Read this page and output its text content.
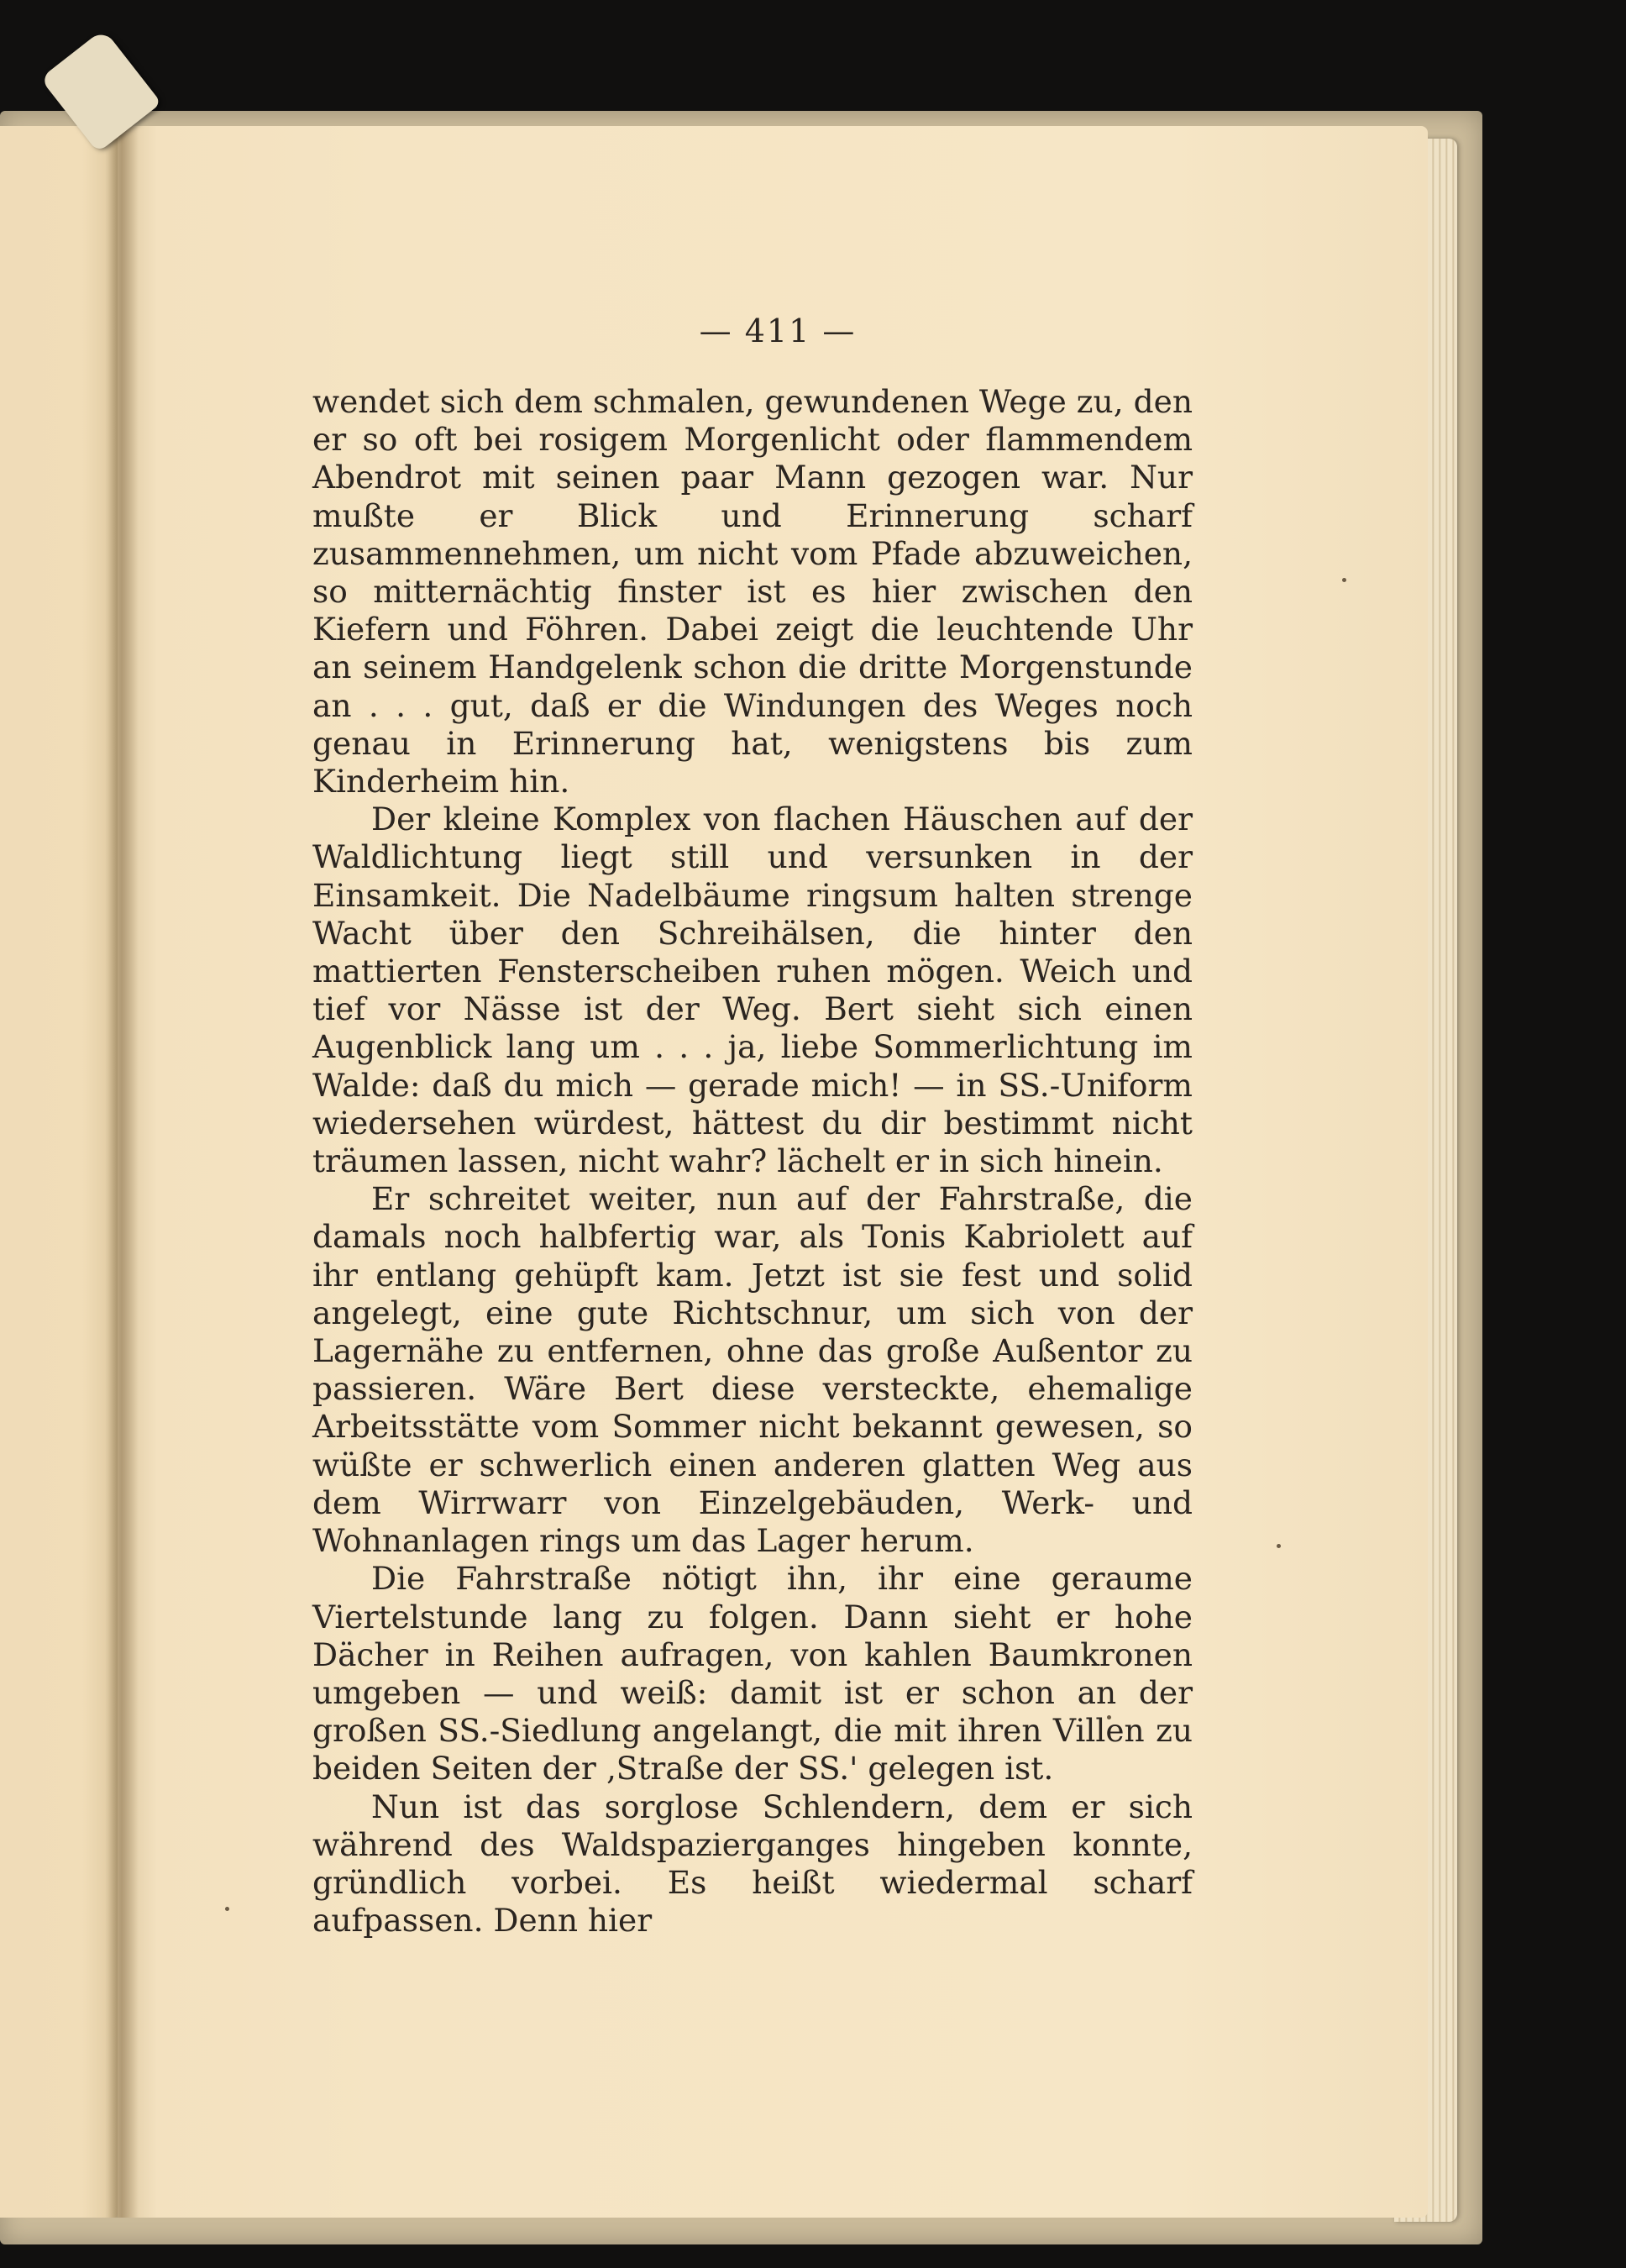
— 411 —

wendet sich dem schmalen, gewundenen Wege zu, den er so oft bei rosigem Morgenlicht oder flammendem Abendrot mit seinen paar Mann gezogen war. Nur mußte er Blick und Erinnerung scharf zusammennehmen, um nicht vom Pfade abzuweichen, so mitternächtig finster ist es hier zwischen den Kiefern und Föhren. Dabei zeigt die leuchtende Uhr an seinem Handgelenk schon die dritte Morgenstunde an . . . gut, daß er die Windungen des Weges noch genau in Erinnerung hat, wenigstens bis zum Kinderheim hin.

Der kleine Komplex von flachen Häuschen auf der Waldlichtung liegt still und versunken in der Einsamkeit. Die Nadelbäume ringsum halten strenge Wacht über den Schreihälsen, die hinter den mattierten Fensterscheiben ruhen mögen. Weich und tief vor Nässe ist der Weg. Bert sieht sich einen Augenblick lang um . . . ja, liebe Sommerlichtung im Walde: daß du mich — gerade mich! — in SS.-Uniform wiedersehen würdest, hättest du dir bestimmt nicht träumen lassen, nicht wahr? lächelt er in sich hinein.

Er schreitet weiter, nun auf der Fahrstraße, die damals noch halbfertig war, als Tonis Kabriolett auf ihr entlang gehüpft kam. Jetzt ist sie fest und solid angelegt, eine gute Richtschnur, um sich von der Lagernähe zu entfernen, ohne das große Außentor zu passieren. Wäre Bert diese versteckte, ehemalige Arbeitsstätte vom Sommer nicht bekannt gewesen, so wüßte er schwerlich einen anderen glatten Weg aus dem Wirrwarr von Einzelgebäuden, Werk- und Wohnanlagen rings um das Lager herum.

Die Fahrstraße nötigt ihn, ihr eine geraume Viertelstunde lang zu folgen. Dann sieht er hohe Dächer in Reihen aufragen, von kahlen Baumkronen umgeben — und weiß: damit ist er schon an der großen SS.-Siedlung angelangt, die mit ihren Villen zu beiden Seiten der ‚Straße der SS.' gelegen ist.

Nun ist das sorglose Schlendern, dem er sich während des Waldspazierganges hingeben konnte, gründlich vorbei. Es heißt wiedermal scharf aufpassen. Denn hier
